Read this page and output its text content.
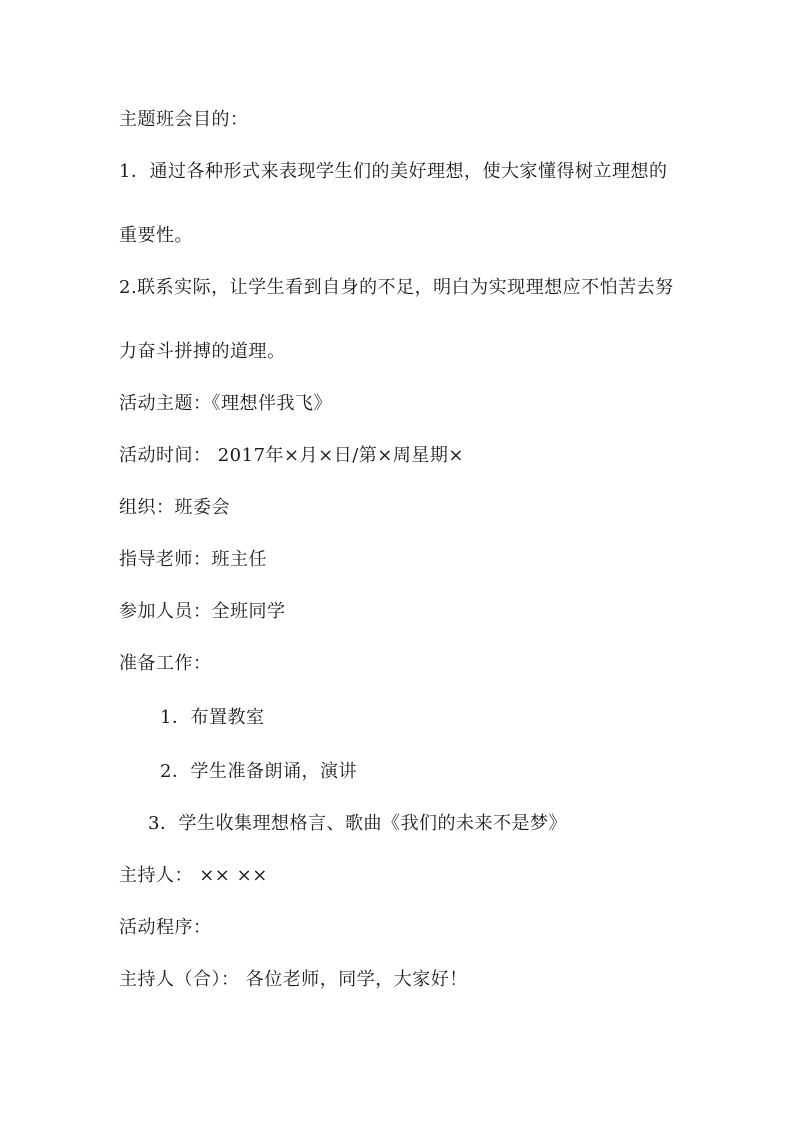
主题班会目的：
1．通过各种形式来表现学生们的美好理想，使大家懂得树立理想的
重要性。
2.联系实际，让学生看到自身的不足，明白为实现理想应不怕苦去努
力奋斗拼搏的道理。
活动主题：《理想伴我飞》
活动时间： 2017年×月×日/第×周星期×
组织：班委会
指导老师：班主任
参加人员：全班同学
准备工作：
1．布置教室
2．学生准备朗诵，演讲
3．学生收集理想格言、歌曲《我们的未来不是梦》
主持人： ×× ××
活动程序：
主持人（合）： 各位老师，同学，大家好！
